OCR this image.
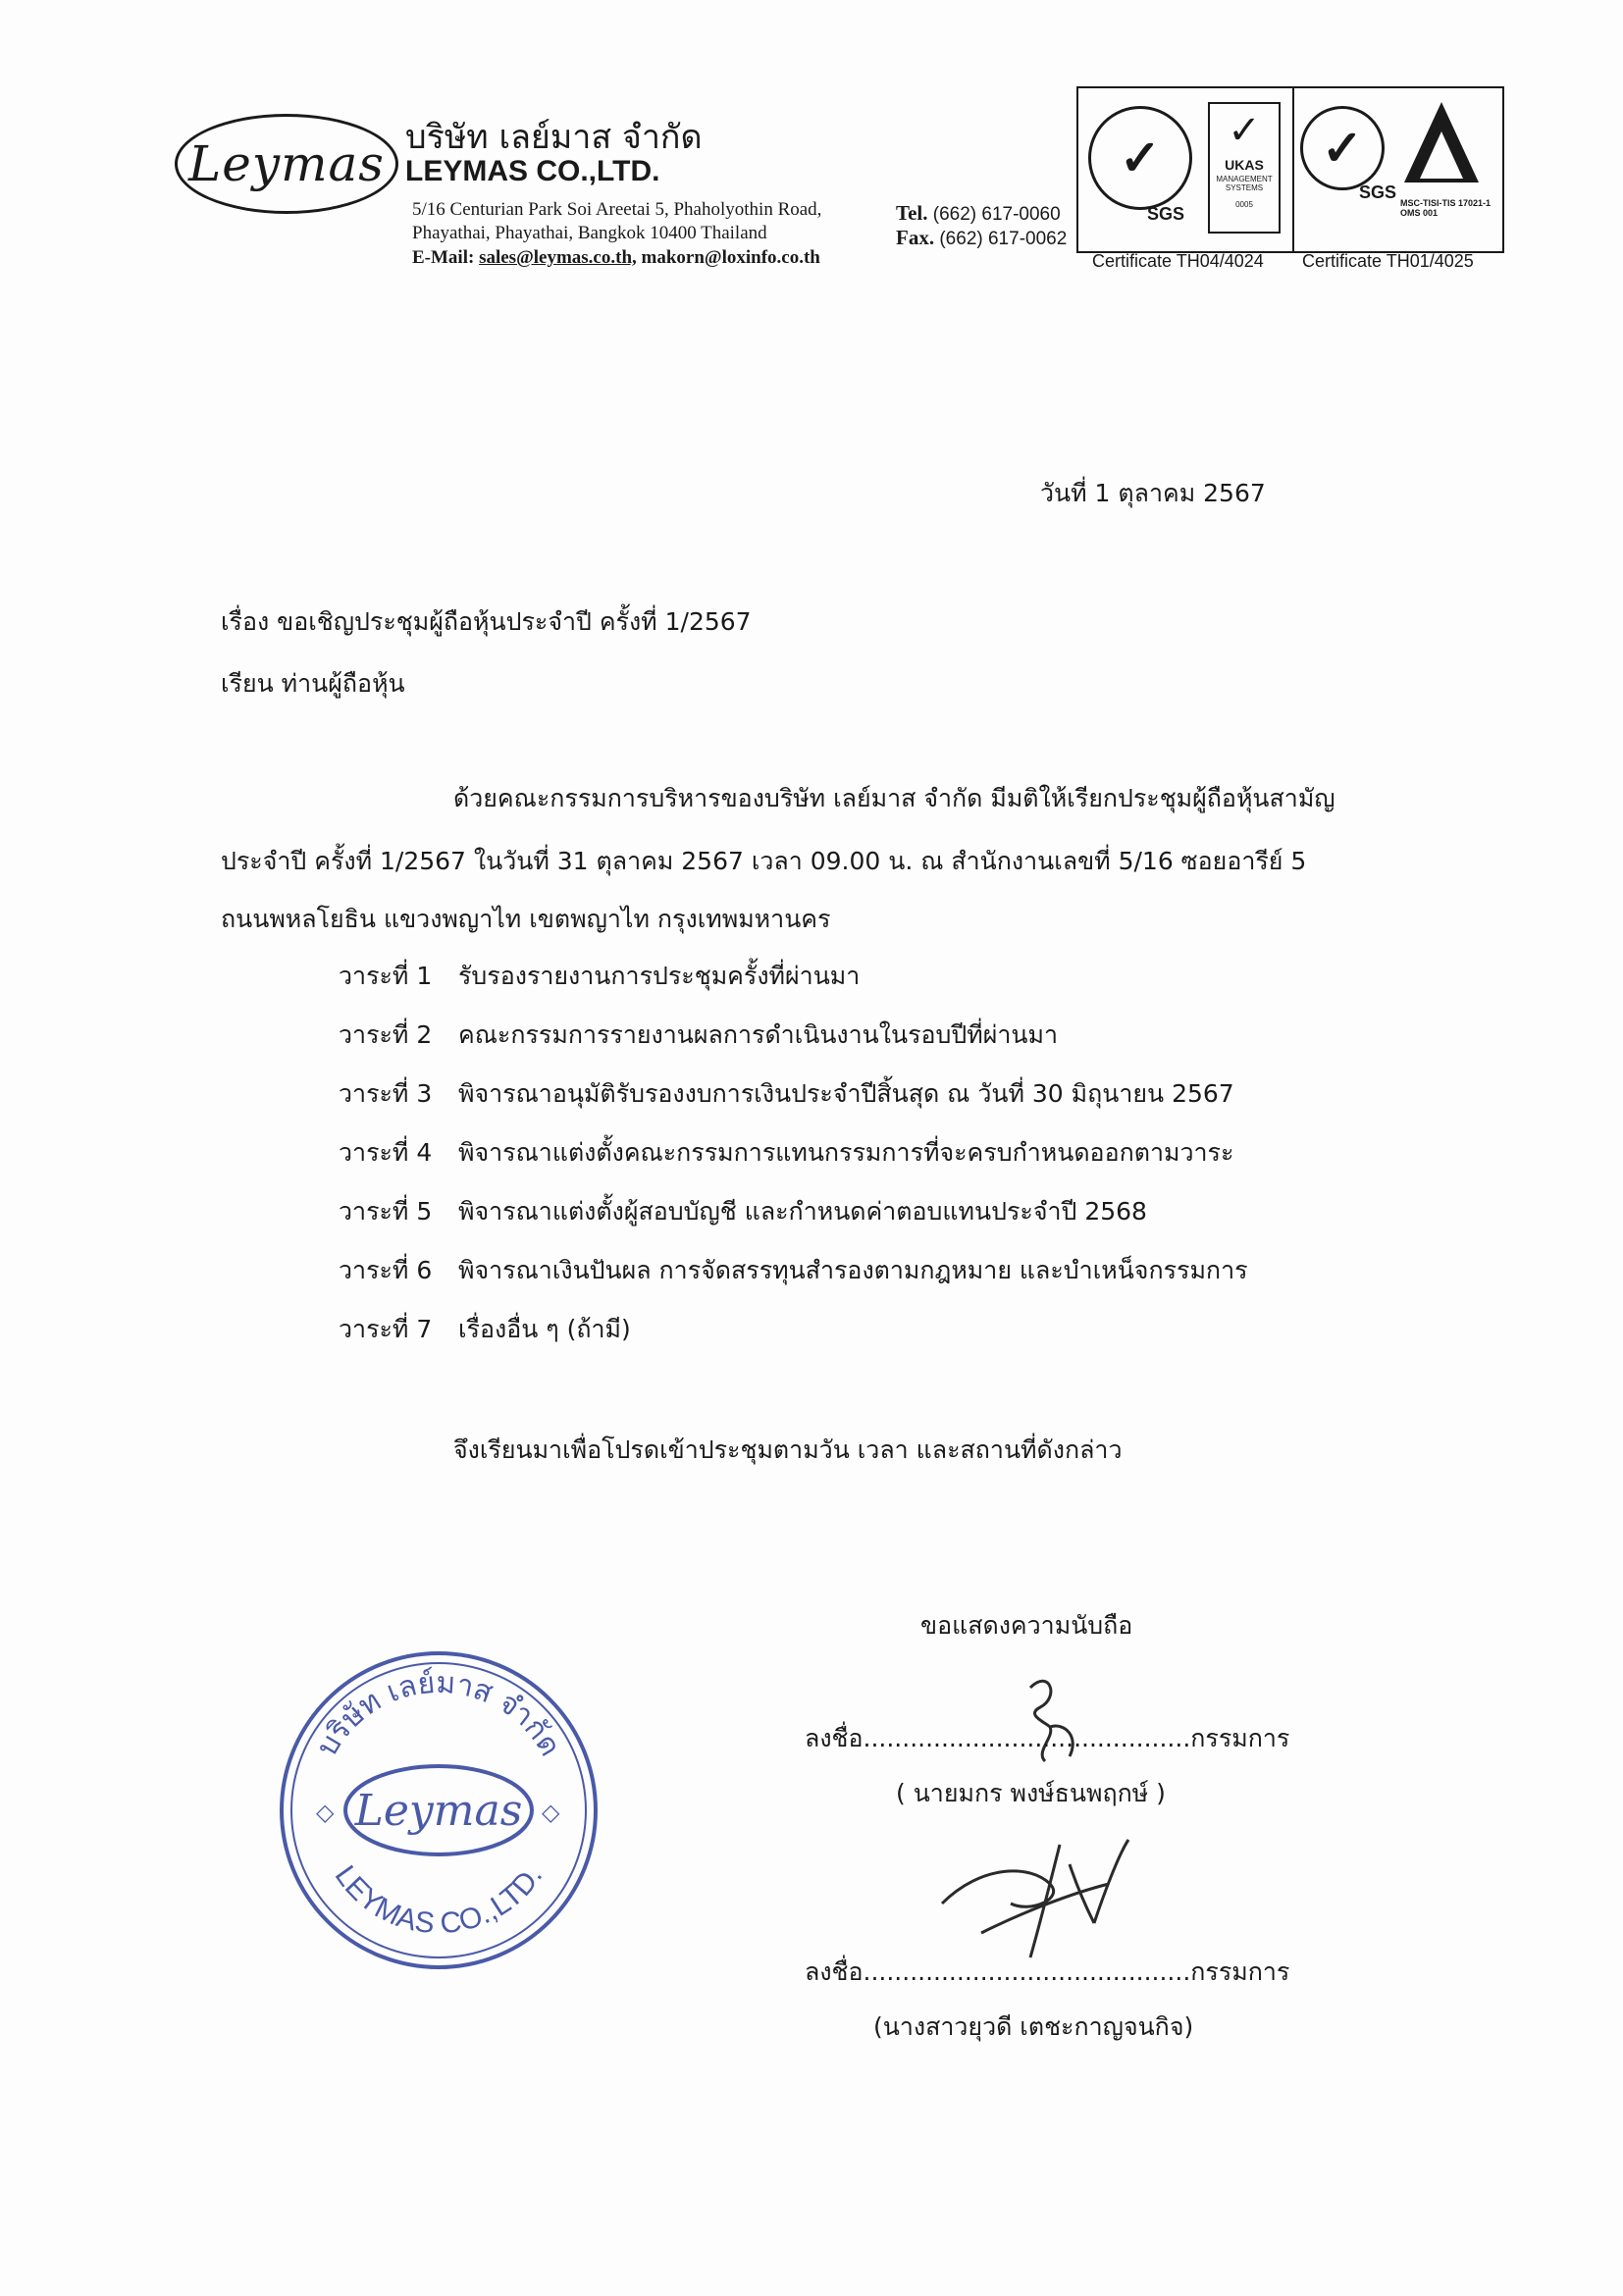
Leymas บริษัท เลย์มาส จำกัด
LEYMAS CO.,LTD.
5/16 Centurian Park Soi Areetai 5, Phaholyothin Road,
Phayathai, Phayathai, Bangkok 10400 Thailand
E-Mail: sales@leymas.co.th, makorn@loxinfo.co.th
Tel. (662) 617-0060
Fax. (662) 617-0062
✓
SGS
✓
UKAS
MANAGEMENT SYSTEMS
0005
✓
SGS
MSC-TISI-TIS 17021-1 OMS 001
Certificate TH04/4024 Certificate TH01/4025
วันที่ 1 ตุลาคม 2567
เรื่อง ขอเชิญประชุมผู้ถือหุ้นประจำปี ครั้งที่ 1/2567
เรียน ท่านผู้ถือหุ้น
ด้วยคณะกรรมการบริหารของบริษัท เลย์มาส จำกัด มีมติให้เรียกประชุมผู้ถือหุ้นสามัญ
ประจำปี ครั้งที่ 1/2567 ในวันที่ 31 ตุลาคม 2567 เวลา 09.00 น. ณ สำนักงานเลขที่ 5/16 ซอยอารีย์ 5
ถนนพหลโยธิน แขวงพญาไท เขตพญาไท กรุงเทพมหานคร
วาระที่ 1	รับรองรายงานการประชุมครั้งที่ผ่านมา
วาระที่ 2	คณะกรรมการรายงานผลการดำเนินงานในรอบปีที่ผ่านมา
วาระที่ 3	พิจารณาอนุมัติรับรองงบการเงินประจำปีสิ้นสุด ณ วันที่ 30 มิถุนายน 2567
วาระที่ 4	พิจารณาแต่งตั้งคณะกรรมการแทนกรรมการที่จะครบกำหนดออกตามวาระ
วาระที่ 5	พิจารณาแต่งตั้งผู้สอบบัญชี และกำหนดค่าตอบแทนประจำปี 2568
วาระที่ 6	พิจารณาเงินปันผล การจัดสรรทุนสำรองตามกฎหมาย และบำเหน็จกรรมการ
วาระที่ 7	เรื่องอื่น ๆ (ถ้ามี)
จึงเรียนมาเพื่อโปรดเข้าประชุมตามวัน เวลา และสถานที่ดังกล่าว
ขอแสดงความนับถือ
ลงชื่อ..........................................กรรมการ
( นายมกร พงษ์ธนพฤกษ์ )
ลงชื่อ..........................................กรรมการ
(นางสาวยุวดี เตชะกาญจนกิจ)
บริษัท เลย์มาส จำกัด
Leymas
LEYMAS CO.,LTD.
◇	◇
